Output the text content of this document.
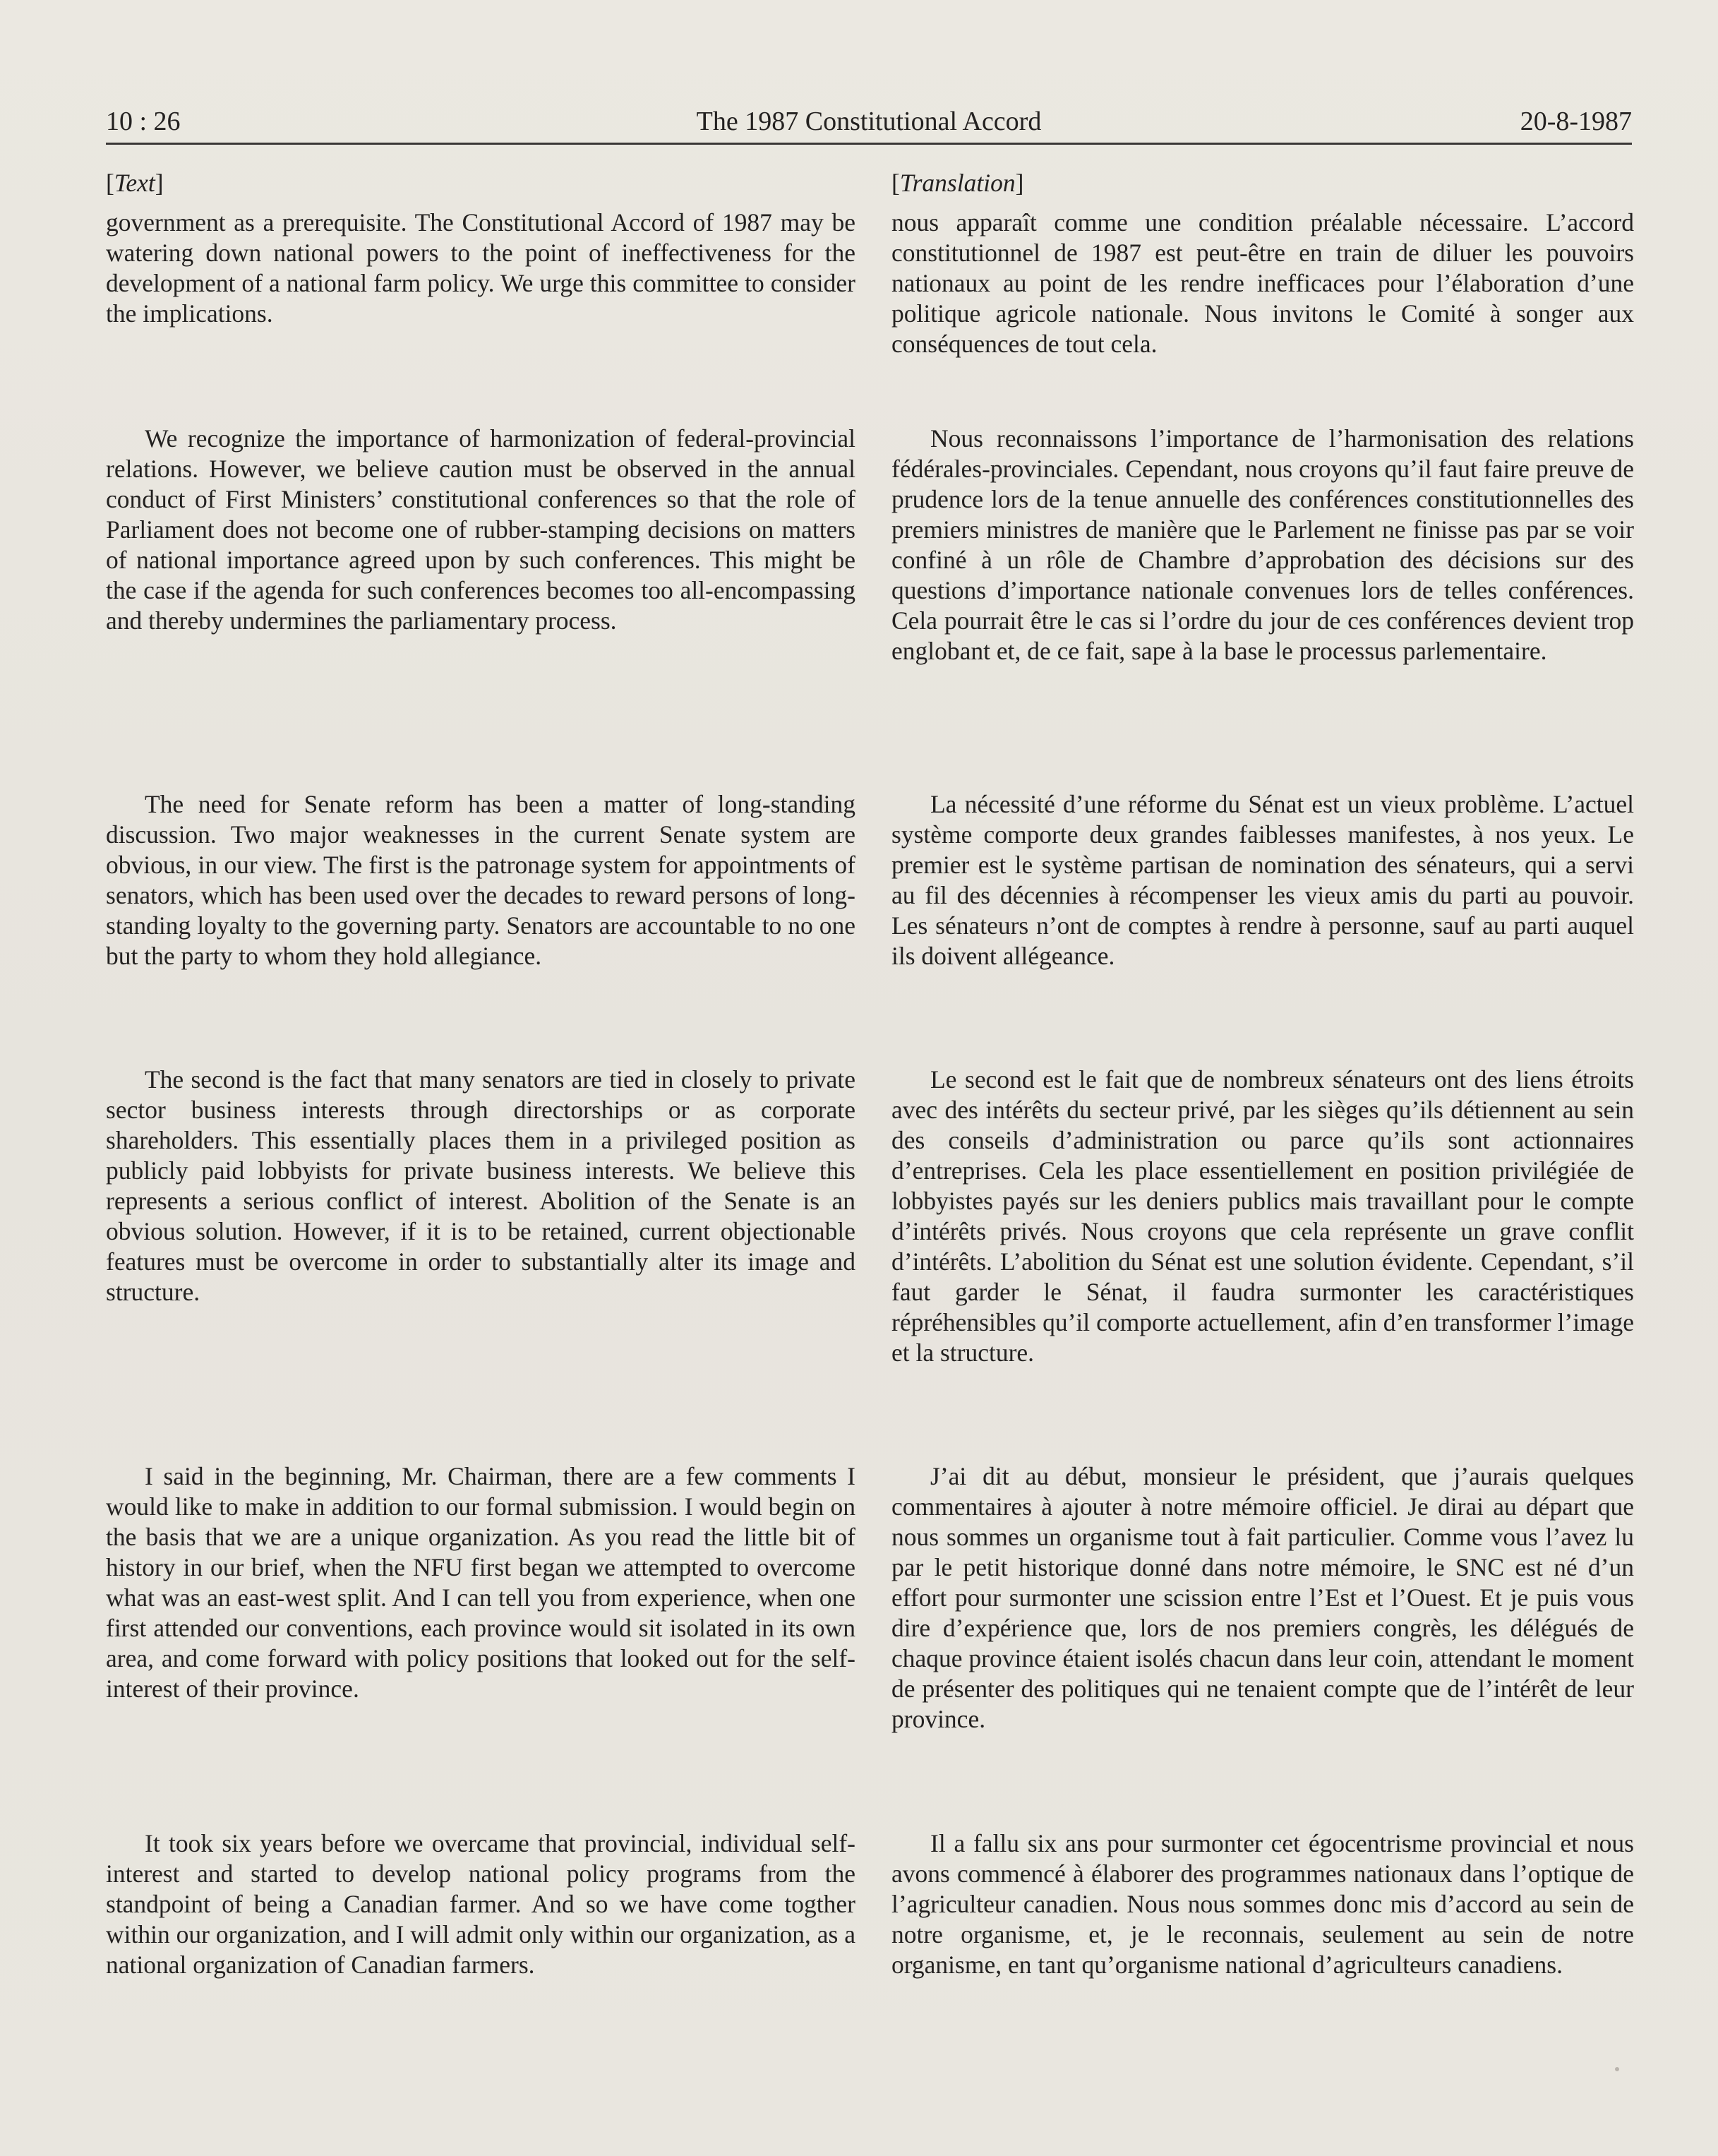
10 : 26	The 1987 Constitutional Accord	20-8-1987
[Text]

government as a prerequisite. The Constitutional Accord of 1987 may be watering down national powers to the point of ineffectiveness for the development of a national farm policy. We urge this committee to consider the implications.

We recognize the importance of harmonization of federal-provincial relations. However, we believe caution must be observed in the annual conduct of First Ministers’ constitutional conferences so that the role of Parliament does not become one of rubber-stamping decisions on matters of national importance agreed upon by such conferences. This might be the case if the agenda for such conferences becomes too all-encompassing and thereby undermines the parliamentary process.

The need for Senate reform has been a matter of long-standing discussion. Two major weaknesses in the current Senate system are obvious, in our view. The first is the patronage system for appointments of senators, which has been used over the decades to reward persons of long-standing loyalty to the governing party. Senators are accountable to no one but the party to whom they hold allegiance.

The second is the fact that many senators are tied in closely to private sector business interests through directorships or as corporate shareholders. This essentially places them in a privileged position as publicly paid lobbyists for private business interests. We believe this represents a serious conflict of interest. Abolition of the Senate is an obvious solution. However, if it is to be retained, current objectionable features must be overcome in order to substantially alter its image and structure.

I said in the beginning, Mr. Chairman, there are a few comments I would like to make in addition to our formal submission. I would begin on the basis that we are a unique organization. As you read the little bit of history in our brief, when the NFU first began we attempted to overcome what was an east-west split. And I can tell you from experience, when one first attended our conventions, each province would sit isolated in its own area, and come forward with policy positions that looked out for the self-interest of their province.

It took six years before we overcame that provincial, individual self-interest and started to develop national policy programs from the standpoint of being a Canadian farmer. And so we have come togther within our organization, and I will admit only within our organization, as a national organization of Canadian farmers.

[Translation]

nous apparaît comme une condition préalable nécessaire. L’accord constitutionnel de 1987 est peut-être en train de diluer les pouvoirs nationaux au point de les rendre inefficaces pour l’élaboration d’une politique agricole nationale. Nous invitons le Comité à songer aux conséquences de tout cela.

Nous reconnaissons l’importance de l’harmonisation des relations fédérales-provinciales. Cependant, nous croyons qu’il faut faire preuve de prudence lors de la tenue annuelle des conférences constitutionnelles des premiers ministres de manière que le Parlement ne finisse pas par se voir confiné à un rôle de Chambre d’approbation des décisions sur des questions d’importance nationale convenues lors de telles conférences. Cela pourrait être le cas si l’ordre du jour de ces conférences devient trop englobant et, de ce fait, sape à la base le processus parlementaire.

La nécessité d’une réforme du Sénat est un vieux problème. L’actuel système comporte deux grandes faiblesses manifestes, à nos yeux. Le premier est le système partisan de nomination des sénateurs, qui a servi au fil des décennies à récompenser les vieux amis du parti au pouvoir. Les sénateurs n’ont de comptes à rendre à personne, sauf au parti auquel ils doivent allégeance.

Le second est le fait que de nombreux sénateurs ont des liens étroits avec des intérêts du secteur privé, par les sièges qu’ils détiennent au sein des conseils d’administration ou parce qu’ils sont actionnaires d’entreprises. Cela les place essentiellement en position privilégiée de lobbyistes payés sur les deniers publics mais travaillant pour le compte d’intérêts privés. Nous croyons que cela représente un grave conflit d’intérêts. L’abolition du Sénat est une solution évidente. Cependant, s’il faut garder le Sénat, il faudra surmonter les caractéristiques répréhensibles qu’il comporte actuellement, afin d’en transformer l’image et la structure.

J’ai dit au début, monsieur le président, que j’aurais quelques commentaires à ajouter à notre mémoire officiel. Je dirai au départ que nous sommes un organisme tout à fait particulier. Comme vous l’avez lu par le petit historique donné dans notre mémoire, le SNC est né d’un effort pour surmonter une scission entre l’Est et l’Ouest. Et je puis vous dire d’expérience que, lors de nos premiers congrès, les délégués de chaque province étaient isolés chacun dans leur coin, attendant le moment de présenter des politiques qui ne tenaient compte que de l’intérêt de leur province.

Il a fallu six ans pour surmonter cet égocentrisme provincial et nous avons commencé à élaborer des programmes nationaux dans l’optique de l’agriculteur canadien. Nous nous sommes donc mis d’accord au sein de notre organisme, et, je le reconnais, seulement au sein de notre organisme, en tant qu’organisme national d’agriculteurs canadiens.
